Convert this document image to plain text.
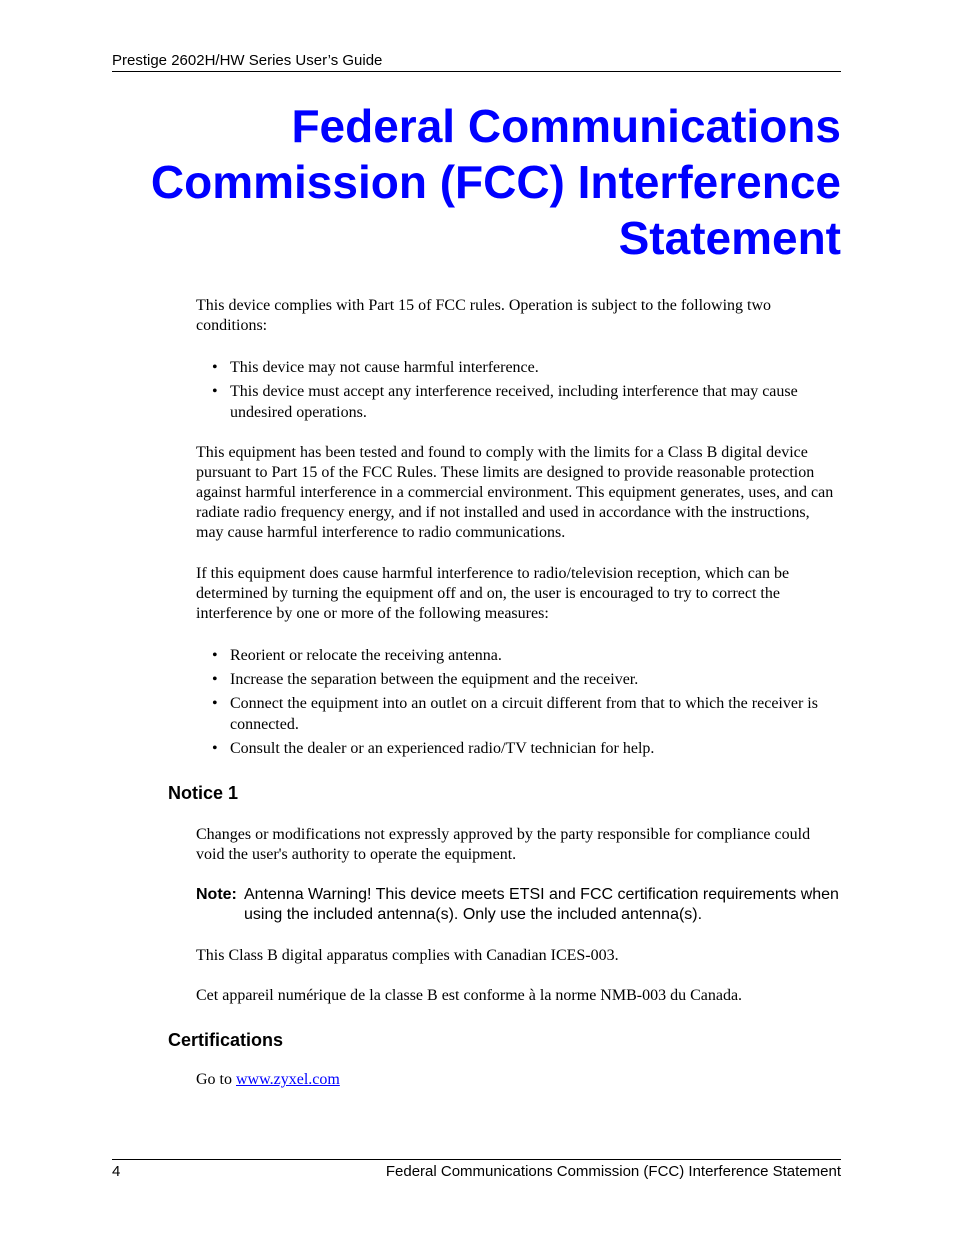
Prestige 2602H/HW Series User’s Guide
Federal Communications
Commission (FCC) Interference
Statement

This device complies with Part 15 of FCC rules. Operation is subject to the following two conditions:

• This device may not cause harmful interference.
• This device must accept any interference received, including interference that may cause undesired operations.

This equipment has been tested and found to comply with the limits for a Class B digital device pursuant to Part 15 of the FCC Rules. These limits are designed to provide reasonable protection against harmful interference in a commercial environment. This equipment generates, uses, and can radiate radio frequency energy, and if not installed and used in accordance with the instructions, may cause harmful interference to radio communications.

If this equipment does cause harmful interference to radio/television reception, which can be determined by turning the equipment off and on, the user is encouraged to try to correct the interference by one or more of the following measures:

• Reorient or relocate the receiving antenna.
• Increase the separation between the equipment and the receiver.
• Connect the equipment into an outlet on a circuit different from that to which the receiver is connected.
• Consult the dealer or an experienced radio/TV technician for help.
Notice 1

Changes or modifications not expressly approved by the party responsible for compliance could void the user's authority to operate the equipment.

Note: Antenna Warning! This device meets ETSI and FCC certification requirements when using the included antenna(s). Only use the included antenna(s).

This Class B digital apparatus complies with Canadian ICES-003.

Cet appareil numérique de la classe B est conforme à la norme NMB-003 du Canada.

Certifications

Go to www.zyxel.com

4	Federal Communications Commission (FCC) Interference Statement
